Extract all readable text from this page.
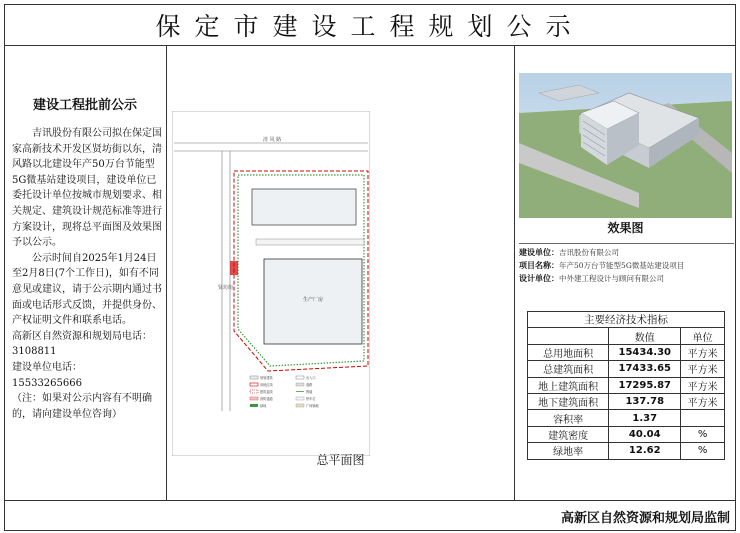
保定市建设工程规划公示
建设工程批前公示

吉讯股份有限公司拟在保定国家高新技术开发区贤坊街以东，清风路以北建设年产50万台节能型5G微基站建设项目，建设单位已委托设计单位按城市规划要求、相关规定、建筑设计规范标准等进行方案设计，现将总平面图及效果图予以公示。

公示时间自2025年1月24日至2月8日(7个工作日)，如有不同意见或建议，请于公示期内通过书面或电话形式反馈，并提供身份、产权证明文件和联系电话。

高新区自然资源和规划局电话：3108811

建设单位电话：

15533265666

（注：如果对公示内容有不明确的，请向建设单位咨询）

清 风 路
贤坊街
生产厂房
规划建筑
用地红线
建筑退线
消防通道
绿地
出入口
道路
围墙
停车位
广场铺地
总平面图
效果图
建设单位：吉讯股份有限公司
项目名称：年产50万台节能型5G微基站建设项目
设计单位：中外建工程设计与顾问有限公司
主要经济技术指标		
	数值	单位
总用地面积	15434.30	平方米
总建筑面积	17433.65	平方米
地上建筑面积	17295.87	平方米
地下建筑面积	137.78	平方米
容积率	1.37	
建筑密度	40.04	%
绿地率	12.62	%
高新区自然资源和规划局监制
